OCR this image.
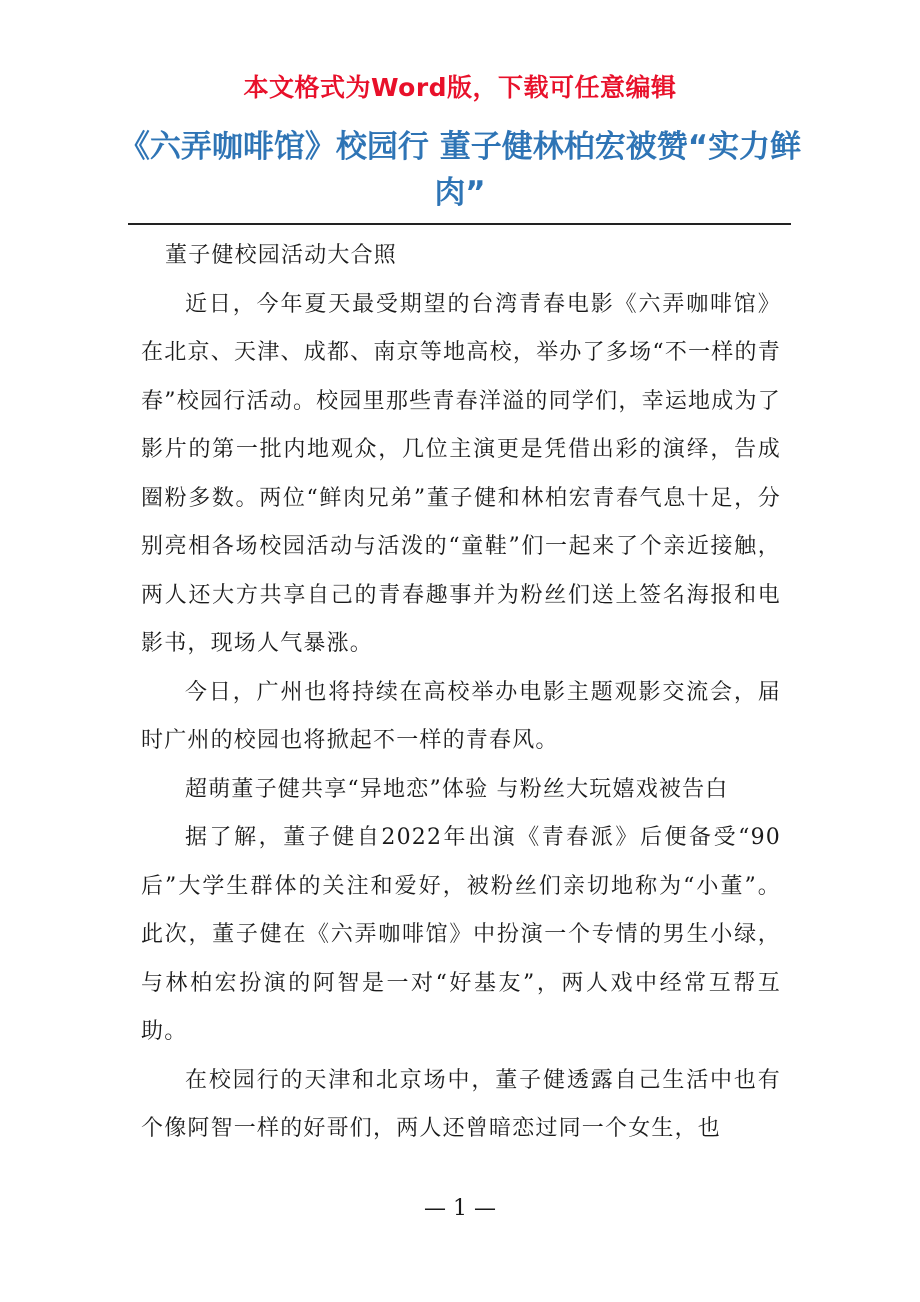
本文格式为Word版，下载可任意编辑
《六弄咖啡馆》校园行 董子健林柏宏被赞“实力鲜肉”

董子健校园活动大合照

近日，今年夏天最受期望的台湾青春电影《六弄咖啡馆》在北京、天津、成都、南京等地高校，举办了多场“不一样的青春”校园行活动。校园里那些青春洋溢的同学们，幸运地成为了影片的第一批内地观众，几位主演更是凭借出彩的演绎，告成圈粉多数。两位“鲜肉兄弟”董子健和林柏宏青春气息十足，分别亮相各场校园活动与活泼的“童鞋”们一起来了个亲近接触，两人还大方共享自己的青春趣事并为粉丝们送上签名海报和电影书，现场人气暴涨。

今日，广州也将持续在高校举办电影主题观影交流会，届时广州的校园也将掀起不一样的青春风。

超萌董子健共享“异地恋”体验 与粉丝大玩嬉戏被告白

据了解，董子健自2022年出演《青春派》后便备受“90后”大学生群体的关注和爱好，被粉丝们亲切地称为“小董”。此次，董子健在《六弄咖啡馆》中扮演一个专情的男生小绿，与林柏宏扮演的阿智是一对“好基友”，两人戏中经常互帮互助。

在校园行的天津和北京场中，董子健透露自己生活中也有个像阿智一样的好哥们，两人还曾暗恋过同一个女生，也

— 1 —
